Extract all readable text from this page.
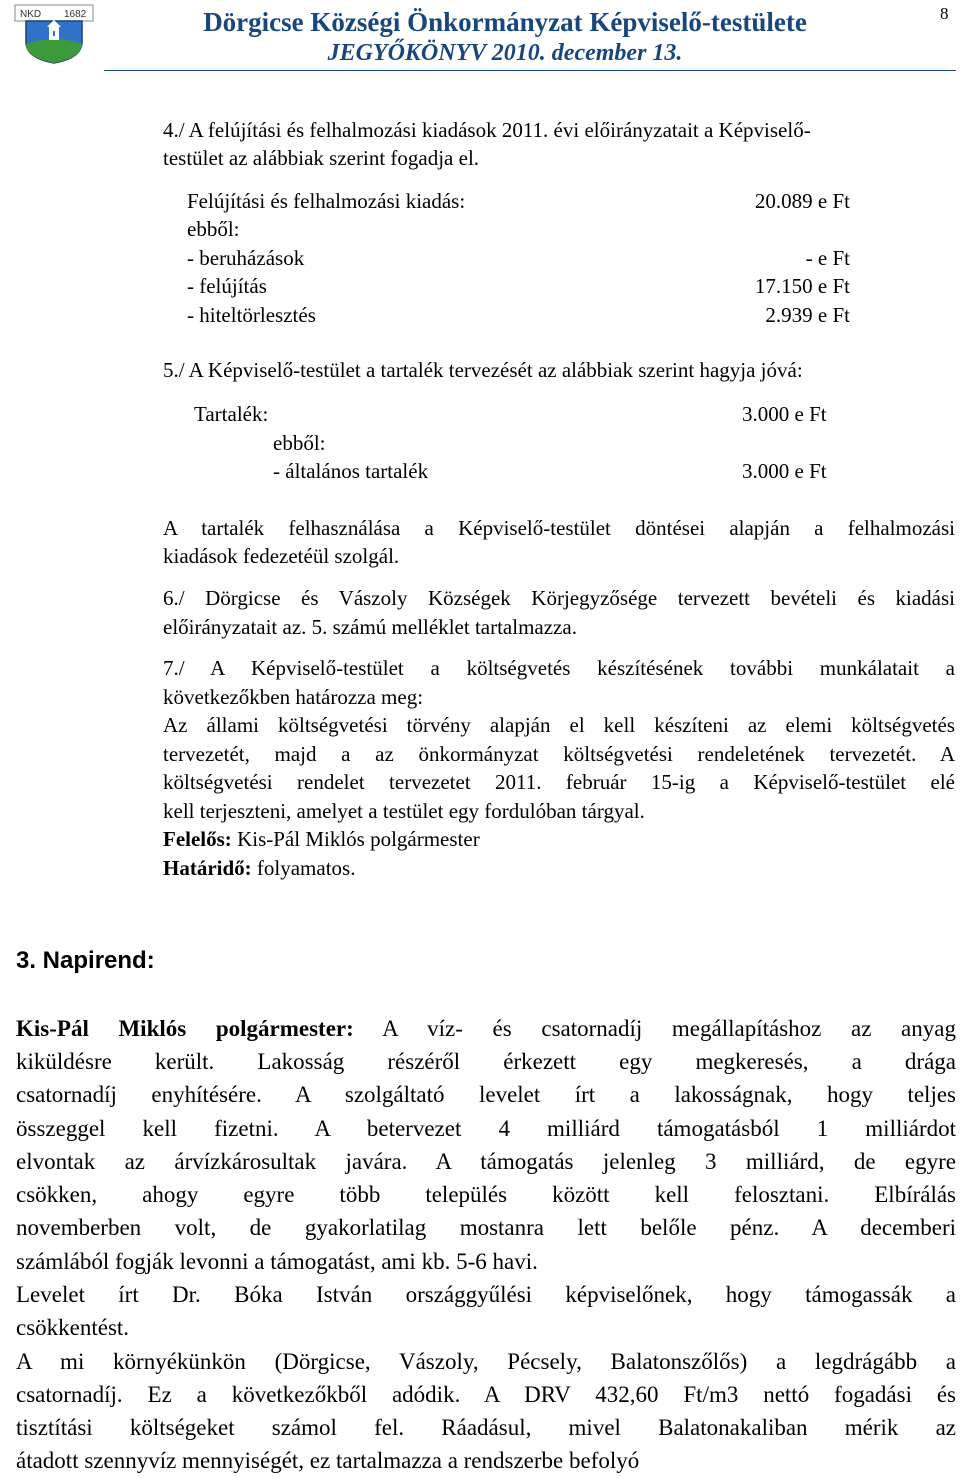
NKD 1682	Dörgicse Községi Önkormányzat Képviselő-testülete
JEGYŐKÖNYV 2010. december 13.
8
4./ A felújítási és felhalmozási kiadások 2011. évi előirányzatait a Képviselő-
testület az alábbiak szerint fogadja el.
Felújítási és felhalmozási kiadás:	20.089 e Ft
ebből:
- beruházások	- e Ft
- felújítás	17.150 e Ft
- hiteltörlesztés	2.939 e Ft
5./ A Képviselő-testület a tartalék tervezését az alábbiak szerint hagyja jóvá:
Tartalék:	3.000 e Ft
ebből:
- általános tartalék	3.000 e Ft
A tartalék felhasználása a Képviselő-testület döntései alapján a felhalmozási
kiadások fedezetéül szolgál.
6./ Dörgicse és Vászoly Községek Körjegyzősége tervezett bevételi és kiadási
előirányzatait az. 5. számú melléklet tartalmazza.
7./ A Képviselő-testület a költségvetés készítésének további munkálatait a
következőkben határozza meg:
Az állami költségvetési törvény alapján el kell készíteni az elemi költségvetés
tervezetét, majd a az önkormányzat költségvetési rendeletének tervezetét. A
költségvetési rendelet tervezetet 2011. február 15-ig a Képviselő-testület elé
kell terjeszteni, amelyet a testület egy fordulóban tárgyal.
Felelős: Kis-Pál Miklós polgármester
Határidő: folyamatos.
3. Napirend:
Kis-Pál Miklós polgármester: A víz- és csatornadíj megállapításhoz az anyag
kiküldésre került. Lakosság részéről érkezett egy megkeresés, a drága
csatornadíj enyhítésére. A szolgáltató levelet írt a lakosságnak, hogy teljes
összeggel kell fizetni. A betervezet 4 milliárd támogatásból 1 milliárdot
elvontak az árvízkárosultak javára. A támogatás jelenleg 3 milliárd, de egyre
csökken, ahogy egyre több település között kell felosztani. Elbírálás
novemberben volt, de gyakorlatilag mostanra lett belőle pénz. A decemberi
számlából fogják levonni a támogatást, ami kb. 5-6 havi.
Levelet írt Dr. Bóka István országgyűlési képviselőnek, hogy támogassák a
csökkentést.
A mi környékünkön (Dörgicse, Vászoly, Pécsely, Balatonszőlős) a legdrágább a
csatornadíj. Ez a következőkből adódik. A DRV 432,60 Ft/m3 nettó fogadási és
tisztítási költségeket számol fel. Ráadásul, mivel Balatonakaliban mérik az
átadott szennyvíz mennyiségét, ez tartalmazza a rendszerbe befolyó
